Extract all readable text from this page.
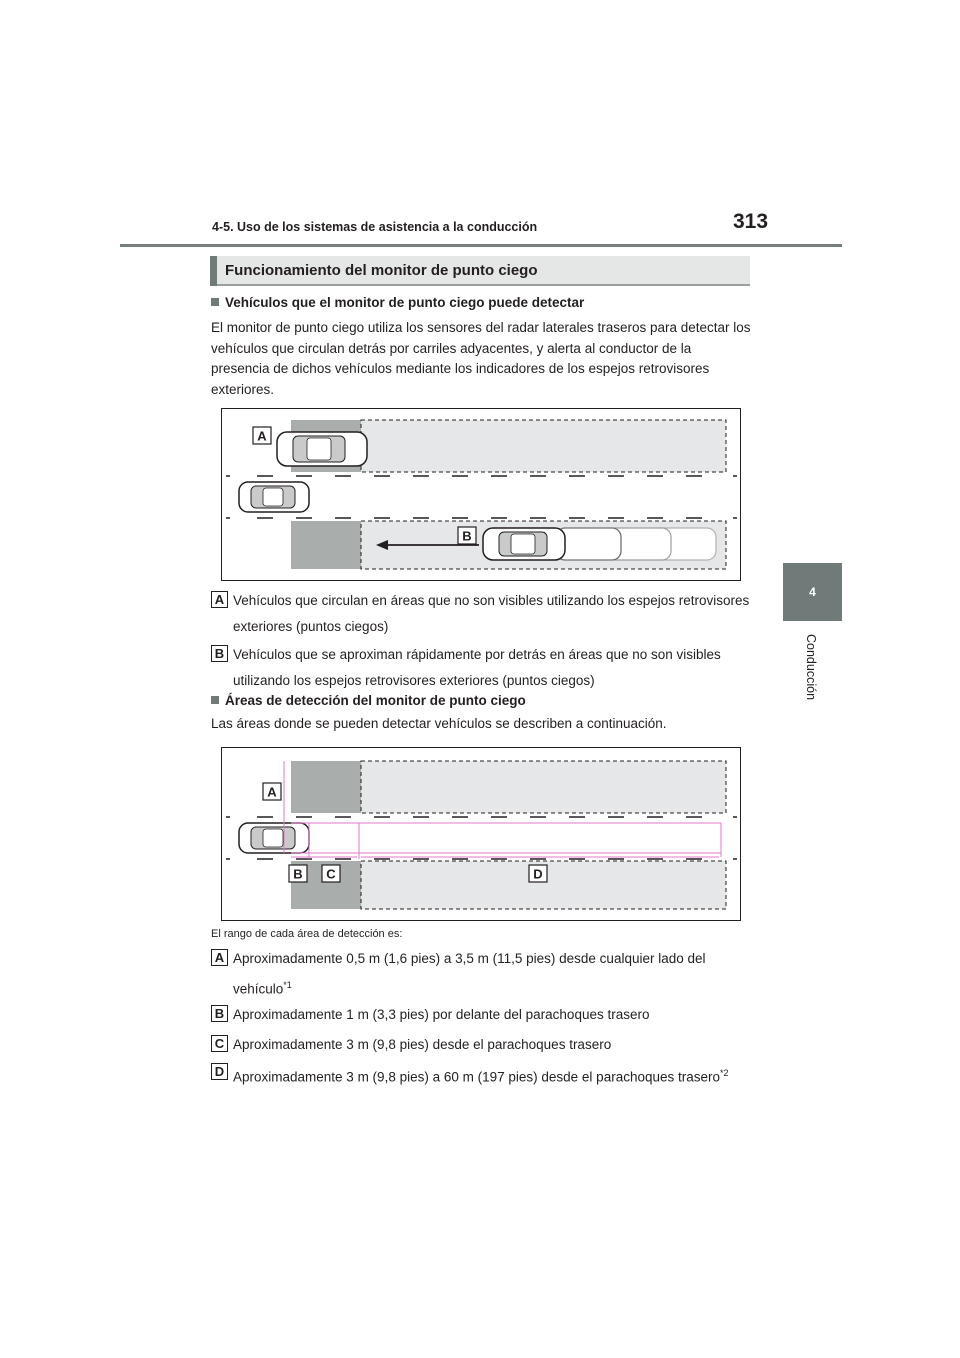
4-5. Uso de los sistemas de asistencia a la conducción	313
4
Conducción
Funcionamiento del monitor de punto ciego
Vehículos que el monitor de punto ciego puede detectar
El monitor de punto ciego utiliza los sensores del radar laterales traseros para detectar los vehículos que circulan detrás por carriles adyacentes, y alerta al conductor de la presencia de dichos vehículos mediante los indicadores de los espejos retrovisores exteriores.
A
B
A Vehículos que circulan en áreas que no son visibles utilizando los espejos retrovisores exteriores (puntos ciegos)
B Vehículos que se aproximan rápidamente por detrás en áreas que no son visibles utilizando los espejos retrovisores exteriores (puntos ciegos)
Áreas de detección del monitor de punto ciego
Las áreas donde se pueden detectar vehículos se describen a continuación.
A
B C	D
El rango de cada área de detección es:
A Aproximadamente 0,5 m (1,6 pies) a 3,5 m (11,5 pies) desde cualquier lado del vehículo$^{*1}$
B Aproximadamente 1 m (3,3 pies) por delante del parachoques trasero
C Aproximadamente 3 m (9,8 pies) desde el parachoques trasero
D Aproximadamente 3 m (9,8 pies) a 60 m (197 pies) desde el parachoques trasero$^{*2}$
